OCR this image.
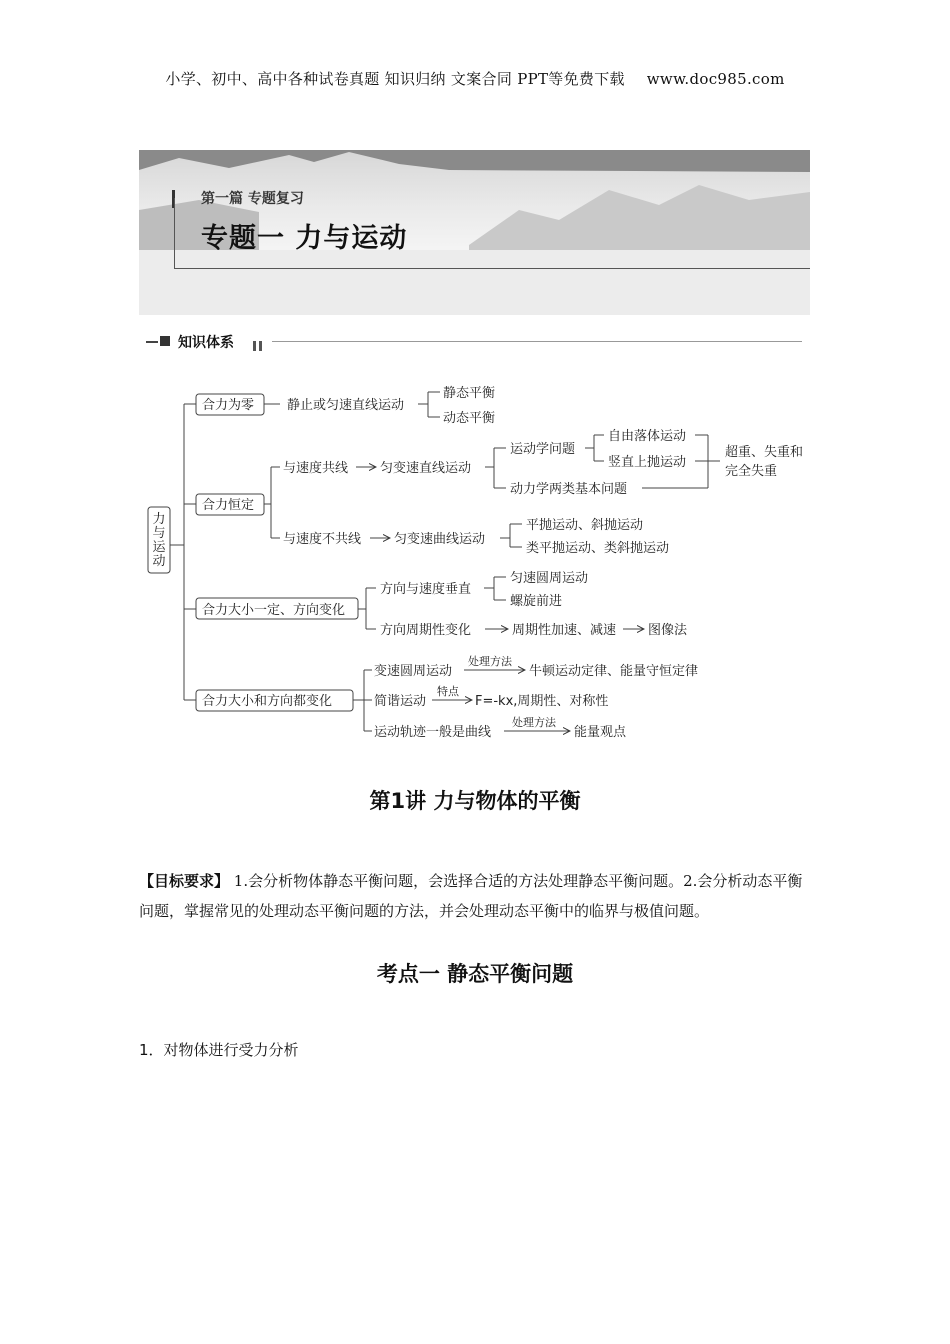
小学、初中、高中各种试卷真题 知识归纳 文案合同 PPT等免费下载 www.doc985.com
第一篇 专题复习
专题一 力与运动
知识体系
力
与
运
动
合力为零	静止或匀速直线运动
静态平衡
动态平衡
合力恒定
与速度共线 匀变速直线运动
运动学问题
自由落体运动
竖直上抛运动
动力学两类基本问题
超重、失重和
完全失重
与速度不共线	匀变速曲线运动
平抛运动、斜抛运动
类平抛运动、类斜抛运动
合力大小一定、方向变化
方向与速度垂直
匀速圆周运动
螺旋前进
方向周期性变化	周期性加速、减速 图像法
合力大小和方向都变化
变速圆周运动
处理方法
牛顿运动定律、能量守恒定律
简谐运动
特点
F=-kx,周期性、对称性
运动轨迹一般是曲线
处理方法
能量观点
第1讲 力与物体的平衡
【目标要求】 1.会分析物体静态平衡问题，会选择合适的方法处理静态平衡问题。2.会分析动态平衡问题，掌握常见的处理动态平衡问题的方法，并会处理动态平衡中的临界与极值问题。
考点一 静态平衡问题
1．对物体进行受力分析
